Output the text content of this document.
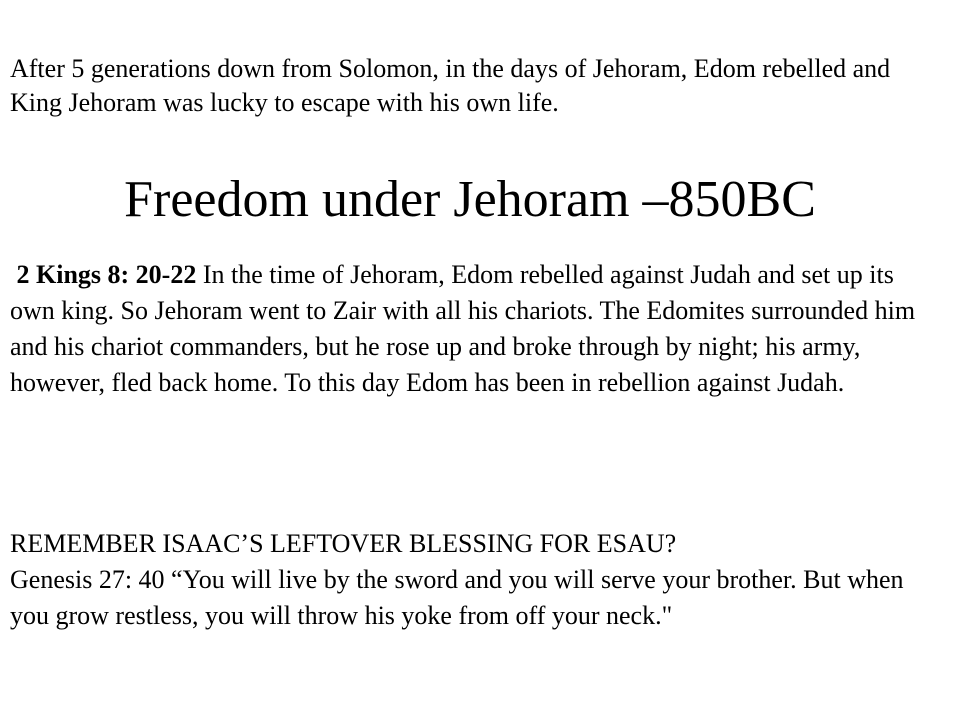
After 5 generations down from Solomon, in the days of Jehoram, Edom rebelled and King Jehoram was lucky to escape with his own life.

Freedom under Jehoram –850BC

2 Kings 8: 20-22 In the time of Jehoram, Edom rebelled against Judah and set up its own king. So Jehoram went to Zair with all his chariots. The Edomites surrounded him and his chariot commanders, but he rose up and broke through by night; his army, however, fled back home. To this day Edom has been in rebellion against Judah.

REMEMBER ISAAC’S LEFTOVER BLESSING FOR ESAU?
Genesis 27: 40 “You will live by the sword and you will serve your brother. But when you grow restless, you will throw his yoke from off your neck."
